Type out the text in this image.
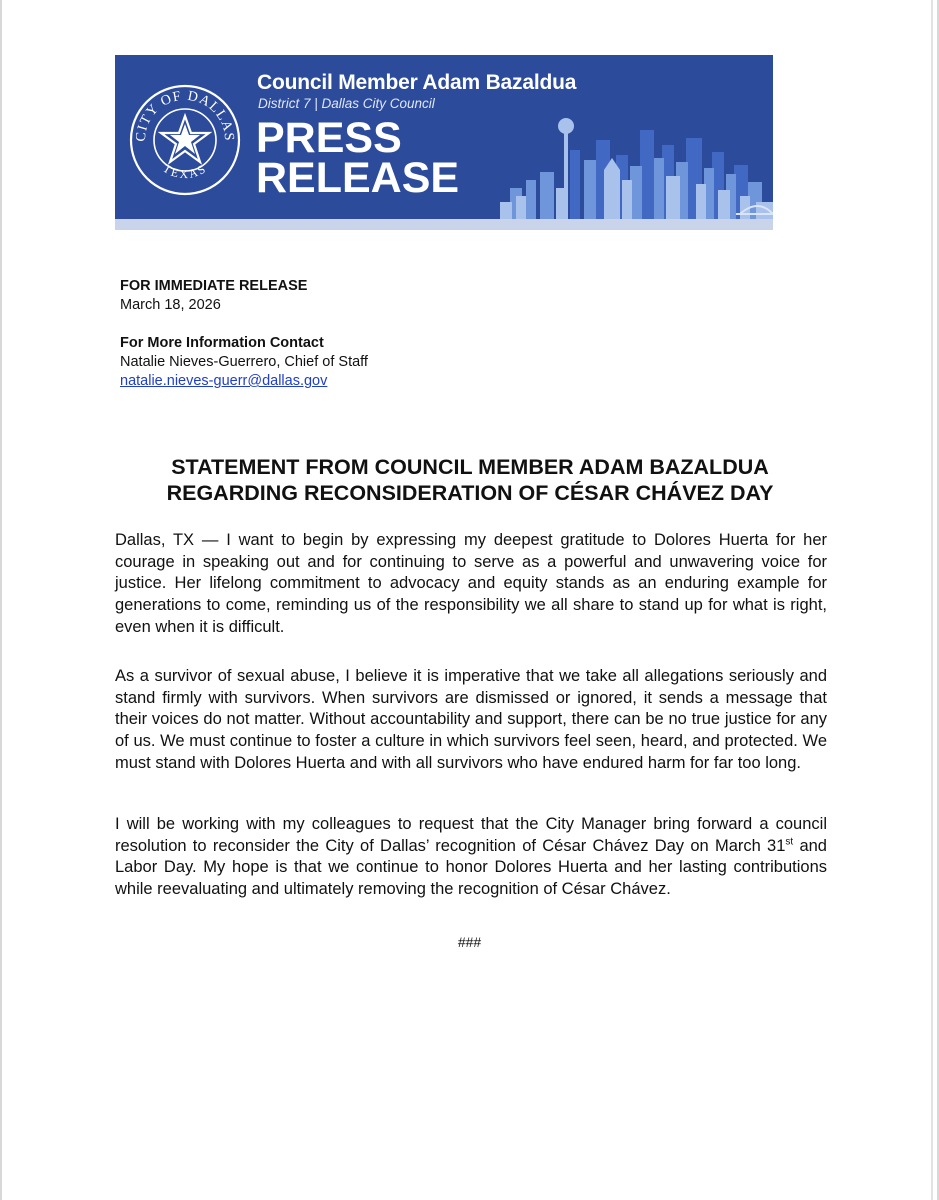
CITY OF DALLAS
TEXAS
Council Member Adam Bazaldua
District 7 | Dallas City Council
PRESS
RELEASE
FOR IMMEDIATE RELEASE
March 18, 2026
For More Information Contact
Natalie Nieves-Guerrero, Chief of Staff
natalie.nieves-guerr@dallas.gov
STATEMENT FROM COUNCIL MEMBER ADAM BAZALDUA
REGARDING RECONSIDERATION OF CÉSAR CHÁVEZ DAY

Dallas, TX — I want to begin by expressing my deepest gratitude to Dolores Huerta for her courage in speaking out and for continuing to serve as a powerful and unwavering voice for justice. Her lifelong commitment to advocacy and equity stands as an enduring example for generations to come, reminding us of the responsibility we all share to stand up for what is right, even when it is difficult.

As a survivor of sexual abuse, I believe it is imperative that we take all allegations seriously and stand firmly with survivors. When survivors are dismissed or ignored, it sends a message that their voices do not matter. Without accountability and support, there can be no true justice for any of us. We must continue to foster a culture in which survivors feel seen, heard, and protected. We must stand with Dolores Huerta and with all survivors who have endured harm for far too long.

I will be working with my colleagues to request that the City Manager bring forward a council resolution to reconsider the City of Dallas’ recognition of César Chávez Day on March 31st and Labor Day. My hope is that we continue to honor Dolores Huerta and her lasting contributions while reevaluating and ultimately removing the recognition of César Chávez.

###
